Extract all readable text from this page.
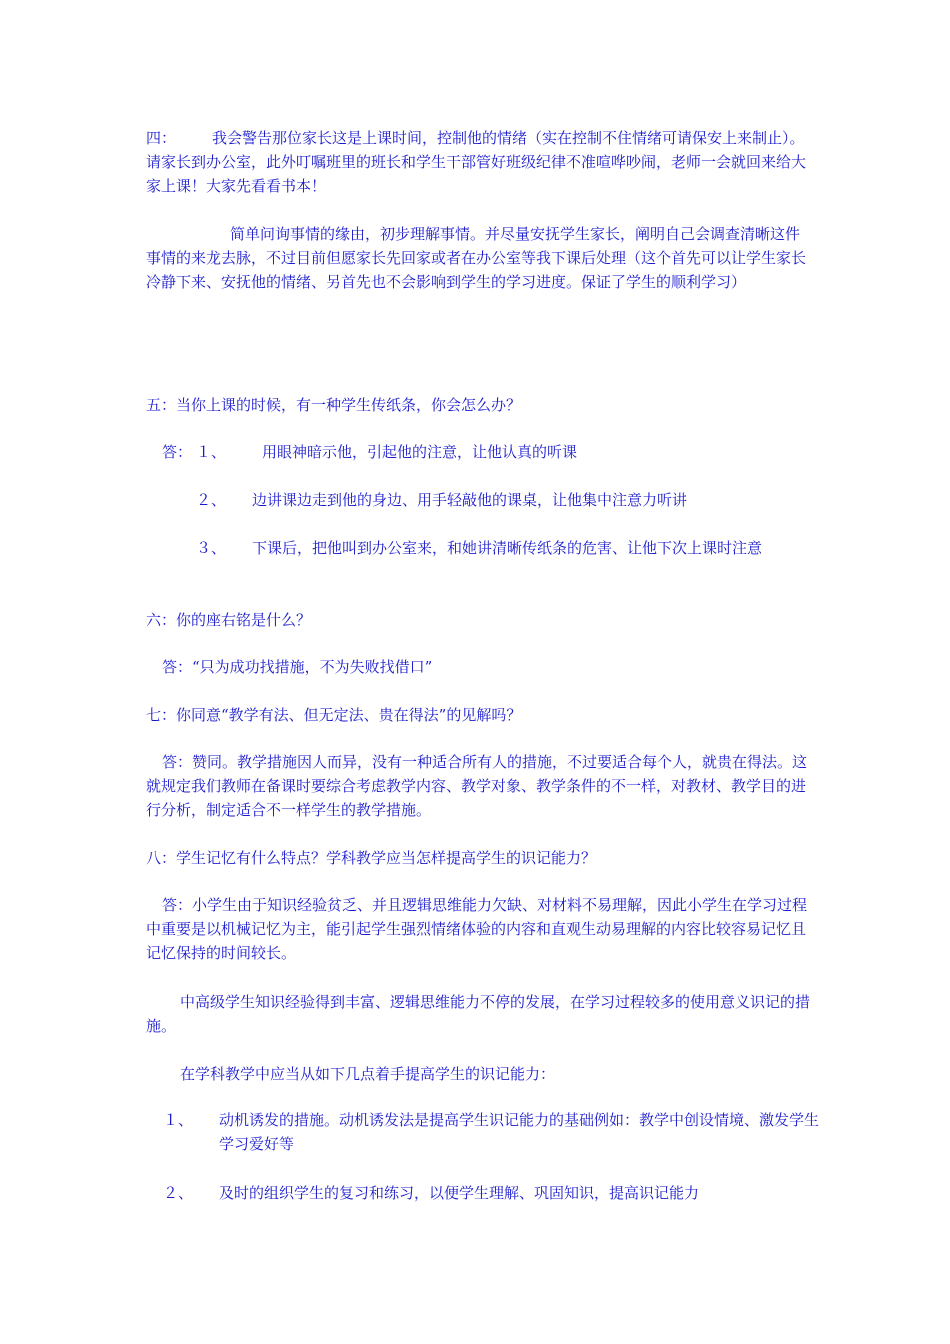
四：	我会警告那位家长这是上课时间，控制他的情绪（实在控制不住情绪可请保安上来制止）。请家长到办公室，此外叮嘱班里的班长和学生干部管好班级纪律不准喧哗吵闹，老师一会就回来给大家上课！大家先看看书本！

简单问询事情的缘由，初步理解事情。并尽量安抚学生家长，阐明自己会调查清晰这件事情的来龙去脉，不过目前但愿家长先回家或者在办公室等我下课后处理（这个首先可以让学生家长冷静下来、安抚他的情绪、另首先也不会影响到学生的学习进度。保证了学生的顺利学习）

五：当你上课的时候，有一种学生传纸条，你会怎么办？

答： １、 用眼神暗示他，引起他的注意，让他认真的听课

２、 边讲课边走到他的身边、用手轻敲他的课桌，让他集中注意力听讲

３、 下课后，把他叫到办公室来，和她讲清晰传纸条的危害、让他下次上课时注意

六：你的座右铭是什么？

答：“只为成功找措施，不为失败找借口”

七：你同意“教学有法、但无定法、贵在得法”的见解吗？

答：赞同。教学措施因人而异，没有一种适合所有人的措施，不过要适合每个人，就贵在得法。这就规定我们教师在备课时要综合考虑教学内容、教学对象、教学条件的不一样，对教材、教学目的进行分析，制定适合不一样学生的教学措施。

八：学生记忆有什么特点？学科教学应当怎样提高学生的识记能力？

答：小学生由于知识经验贫乏、并且逻辑思维能力欠缺、对材料不易理解，因此小学生在学习过程中重要是以机械记忆为主，能引起学生强烈情绪体验的内容和直观生动易理解的内容比较容易记忆且记忆保持的时间较长。

中高级学生知识经验得到丰富、逻辑思维能力不停的发展，在学习过程较多的使用意义识记的措施。

在学科教学中应当从如下几点着手提高学生的识记能力：

１、 动机诱发的措施。动机诱发法是提高学生识记能力的基础例如：教学中创设情境、激发学生学习爱好等

２、 及时的组织学生的复习和练习，以便学生理解、巩固知识，提高识记能力
